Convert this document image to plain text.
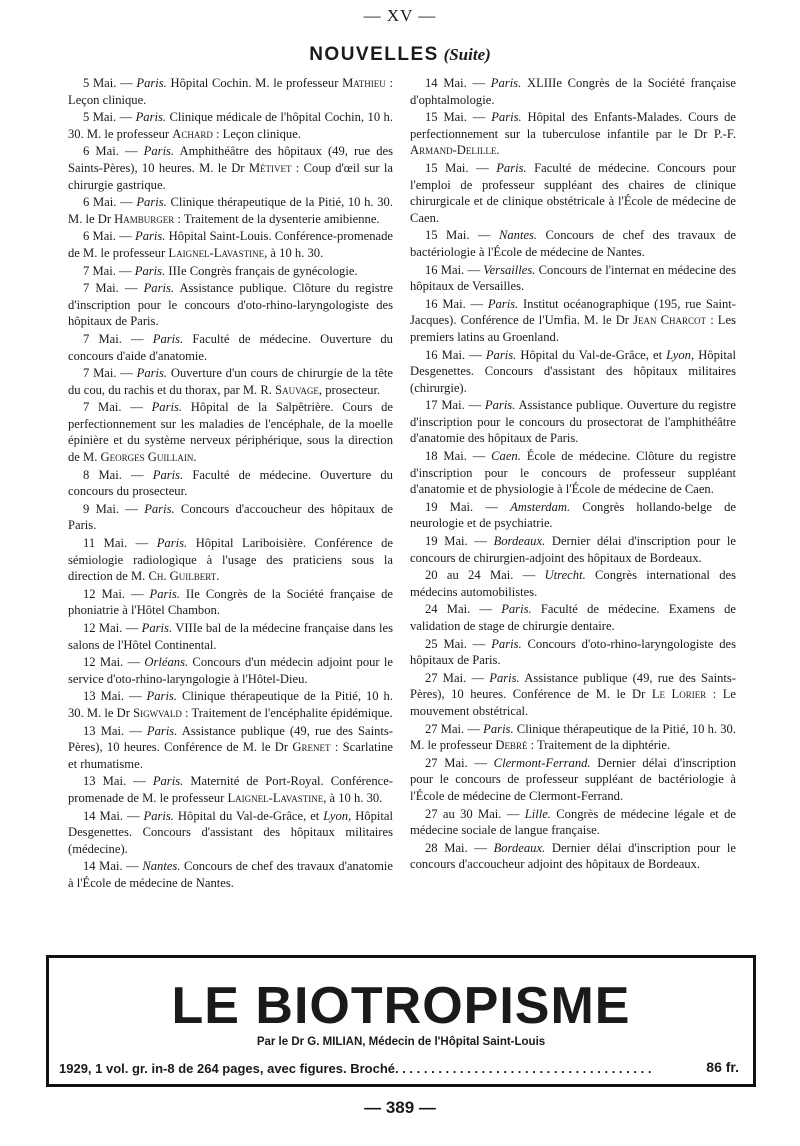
— XV —
NOUVELLES (Suite)

5 Mai. — Paris. Hôpital Cochin. M. le professeur Mathieu : Leçon clinique.

5 Mai. — Paris. Clinique médicale de l'hôpital Cochin, 10 h. 30. M. le professeur Achard : Leçon clinique.

6 Mai. — Paris. Amphithéâtre des hôpitaux (49, rue des Saints-Pères), 10 heures. M. le Dr Métivet : Coup d'œil sur la chirurgie gastrique.

6 Mai. — Paris. Clinique thérapeutique de la Pitié, 10 h. 30. M. le Dr Hamburger : Traitement de la dysenterie amibienne.

6 Mai. — Paris. Hôpital Saint-Louis. Conférence-promenade de M. le professeur Laignel-Lavastine, à 10 h. 30.

7 Mai. — Paris. IIIe Congrès français de gynécologie.

7 Mai. — Paris. Assistance publique. Clôture du registre d'inscription pour le concours d'oto-rhino-laryngologiste des hôpitaux de Paris.

7 Mai. — Paris. Faculté de médecine. Ouverture du concours d'aide d'anatomie.

7 Mai. — Paris. Ouverture d'un cours de chirurgie de la tête du cou, du rachis et du thorax, par M. R. Sauvage, prosecteur.

7 Mai. — Paris. Hôpital de la Salpêtrière. Cours de perfectionnement sur les maladies de l'encéphale, de la moelle épinière et du système nerveux périphérique, sous la direction de M. Georges Guillain.

8 Mai. — Paris. Faculté de médecine. Ouverture du concours du prosecteur.

9 Mai. — Paris. Concours d'accoucheur des hôpitaux de Paris.

11 Mai. — Paris. Hôpital Lariboisière. Conférence de sémiologie radiologique à l'usage des praticiens sous la direction de M. Ch. Guilbert.

12 Mai. — Paris. IIe Congrès de la Société française de phoniatrie à l'Hôtel Chambon.

12 Mai. — Paris. VIIIe bal de la médecine française dans les salons de l'Hôtel Continental.

12 Mai. — Orléans. Concours d'un médecin adjoint pour le service d'oto-rhino-laryngologie à l'Hôtel-Dieu.

13 Mai. — Paris. Clinique thérapeutique de la Pitié, 10 h. 30. M. le Dr Sigwvald : Traitement de l'encéphalite épidémique.

13 Mai. — Paris. Assistance publique (49, rue des Saints-Pères), 10 heures. Conférence de M. le Dr Grenet : Scarlatine et rhumatisme.

13 Mai. — Paris. Maternité de Port-Royal. Conférence-promenade de M. le professeur Laignel-Lavastine, à 10 h. 30.

14 Mai. — Paris. Hôpital du Val-de-Grâce, et Lyon, Hôpital Desgenettes. Concours d'assistant des hôpitaux militaires (médecine).

14 Mai. — Nantes. Concours de chef des travaux d'anatomie à l'École de médecine de Nantes.

14 Mai. — Paris. XLIIIe Congrès de la Société française d'ophtalmologie.

15 Mai. — Paris. Hôpital des Enfants-Malades. Cours de perfectionnement sur la tuberculose infantile par le Dr P.-F. Armand-Delille.

15 Mai. — Paris. Faculté de médecine. Concours pour l'emploi de professeur suppléant des chaires de clinique chirurgicale et de clinique obstétricale à l'École de médecine de Caen.

15 Mai. — Nantes. Concours de chef des travaux de bactériologie à l'École de médecine de Nantes.

16 Mai. — Versailles. Concours de l'internat en médecine des hôpitaux de Versailles.

16 Mai. — Paris. Institut océanographique (195, rue Saint-Jacques). Conférence de l'Umfia. M. le Dr Jean Charcot : Les premiers latins au Groenland.

16 Mai. — Paris. Hôpital du Val-de-Grâce, et Lyon, Hôpital Desgenettes. Concours d'assistant des hôpitaux militaires (chirurgie).

17 Mai. — Paris. Assistance publique. Ouverture du registre d'inscription pour le concours du prosectorat de l'amphithéâtre d'anatomie des hôpitaux de Paris.

18 Mai. — Caen. École de médecine. Clôture du registre d'inscription pour le concours de professeur suppléant d'anatomie et de physiologie à l'École de médecine de Caen.

19 Mai. — Amsterdam. Congrès hollando-belge de neurologie et de psychiatrie.

19 Mai. — Bordeaux. Dernier délai d'inscription pour le concours de chirurgien-adjoint des hôpitaux de Bordeaux.

20 au 24 Mai. — Utrecht. Congrès international des médecins automobilistes.

24 Mai. — Paris. Faculté de médecine. Examens de validation de stage de chirurgie dentaire.

25 Mai. — Paris. Concours d'oto-rhino-laryngologiste des hôpitaux de Paris.

27 Mai. — Paris. Assistance publique (49, rue des Saints-Pères), 10 heures. Conférence de M. le Dr Le Lorier : Le mouvement obstétrical.

27 Mai. — Paris. Clinique thérapeutique de la Pitié, 10 h. 30. M. le professeur Debré : Traitement de la diphtérie.

27 Mai. — Clermont-Ferrand. Dernier délai d'inscription pour le concours de professeur suppléant de bactériologie à l'École de médecine de Clermont-Ferrand.

27 au 30 Mai. — Lille. Congrès de médecine légale et de médecine sociale de langue française.

28 Mai. — Bordeaux. Dernier délai d'inscription pour le concours d'accoucheur adjoint des hôpitaux de Bordeaux.

LE BIOTROPISME
Par le Dr G. MILIAN, Médecin de l'Hôpital Saint-Louis
1929, 1 vol. gr. in-8 de 264 pages, avec figures. Broché. . . . . . . . . . . . . . . . . . . . . . . . . . . . . . . . . . . .	86 fr.
— 389 —
